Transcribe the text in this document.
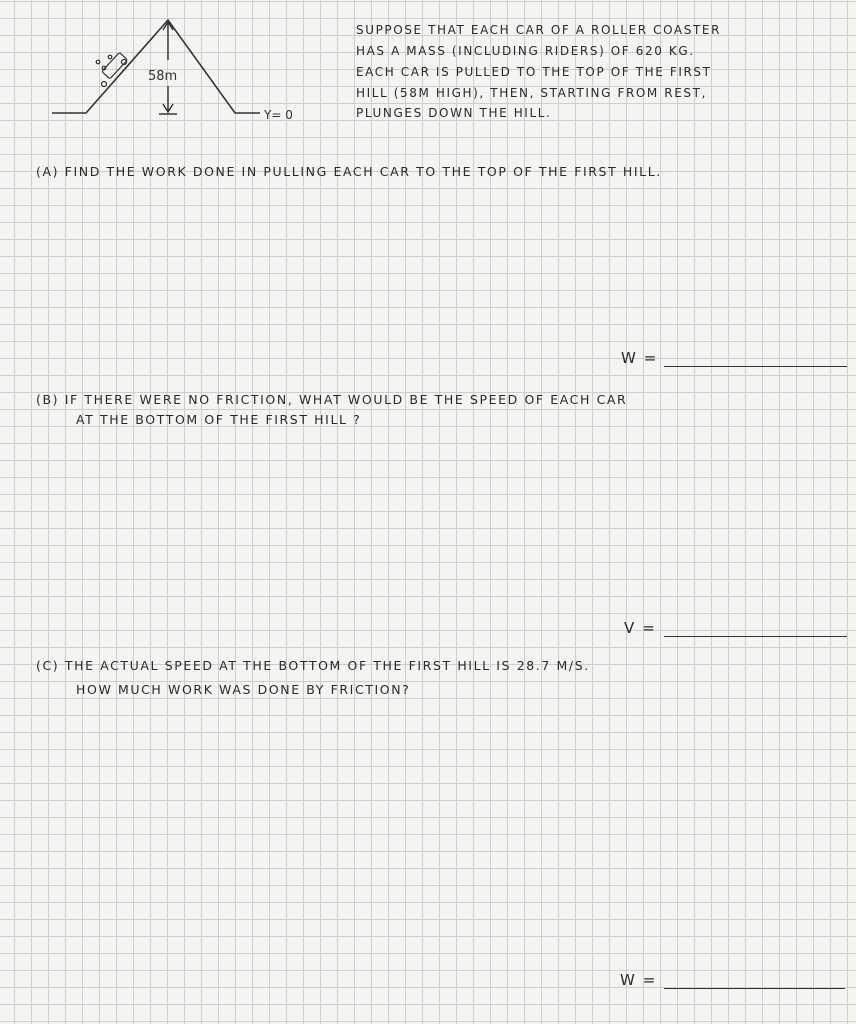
58m
Y= 0
SUPPOSE THAT EACH CAR OF A ROLLER COASTER
HAS A MASS (INCLUDING RIDERS) OF 620 KG.
EACH CAR IS PULLED TO THE TOP OF THE FIRST
HILL (58M HIGH), THEN, STARTING FROM REST,
PLUNGES DOWN THE HILL.
(A) FIND THE WORK DONE IN PULLING EACH CAR TO THE TOP OF THE FIRST HILL.
W =
(B) IF THERE WERE NO FRICTION, WHAT WOULD BE THE SPEED OF EACH CAR
AT THE BOTTOM OF THE FIRST HILL ?
V =
(C) THE ACTUAL SPEED AT THE BOTTOM OF THE FIRST HILL IS 28.7 M/S.
HOW MUCH WORK WAS DONE BY FRICTION?
W =
